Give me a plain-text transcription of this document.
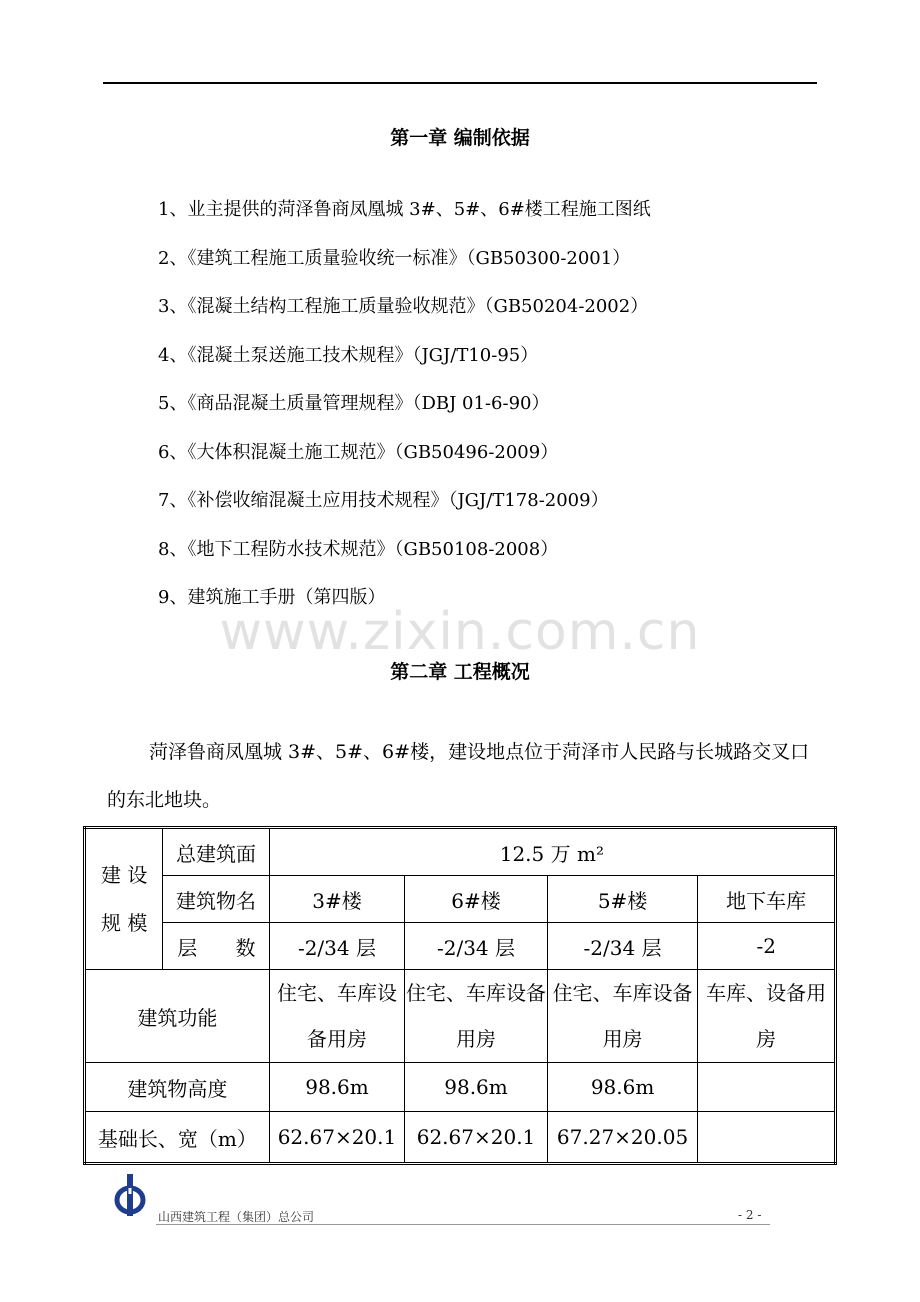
第一章 编制依据
1、业主提供的菏泽鲁商凤凰城 3#、5#、6#楼工程施工图纸
2、《建筑工程施工质量验收统一标准》（GB50300-2001）
3、《混凝土结构工程施工质量验收规范》（GB50204-2002）
4、《混凝土泵送施工技术规程》（JGJ/T10-95）
5、《商品混凝土质量管理规程》（DBJ 01-6-90）
6、《大体积混凝土施工规范》（GB50496-2009）
7、《补偿收缩混凝土应用技术规程》（JGJ/T178-2009）
8、《地下工程防水技术规范》（GB50108-2008）
9、建筑施工手册（第四版）
www.zixin.com.cn
第二章 工程概况

菏泽鲁商凤凰城 3#、5#、6#楼，建设地点位于菏泽市人民路与长城路交叉口的东北地块。

建 设
规 模	总建筑面	12.5 万 m²			
	建筑物名	3#楼	6#楼	5#楼	地下车库
	层      数	-2/34 层	-2/34 层	-2/34 层	-2
建筑功能		住宅、车库设备用房	住宅、车库设备用房	住宅、车库设备用房	车库、设备用房
建筑物高度		98.6m	98.6m	98.6m	
基础长、宽（m）		62.67×20.1	62.67×20.1	67.27×20.05	
山西建筑工程（集团）总公司	- 2 -
